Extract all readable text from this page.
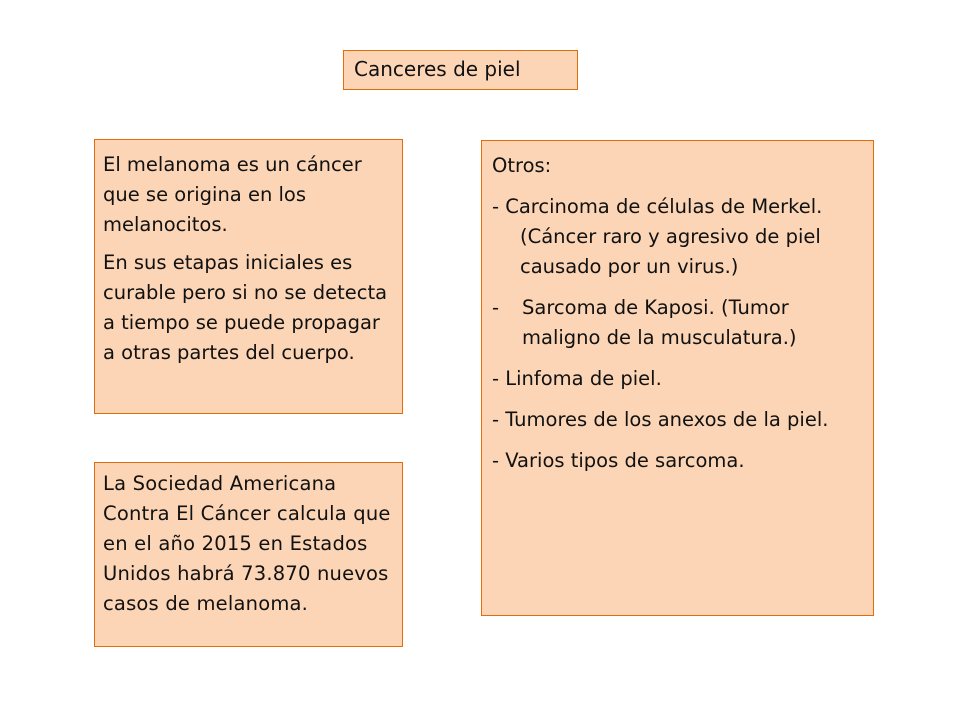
Canceres de piel

El melanoma es un cáncer que se origina en los melanocitos.

En sus etapas iniciales es curable pero si no se detecta a tiempo se puede propagar a otras partes del cuerpo.

La Sociedad Americana Contra El Cáncer calcula que en el año 2015 en Estados Unidos habrá 73.870 nuevos casos de melanoma.

Otros:

- Carcinoma de células de Merkel. (Cáncer raro y agresivo de piel causado por un virus.)

-	Sarcoma de Kaposi. (Tumor maligno de la musculatura.)

- Linfoma de piel.

- Tumores de los anexos de la piel.

- Varios tipos de sarcoma.
